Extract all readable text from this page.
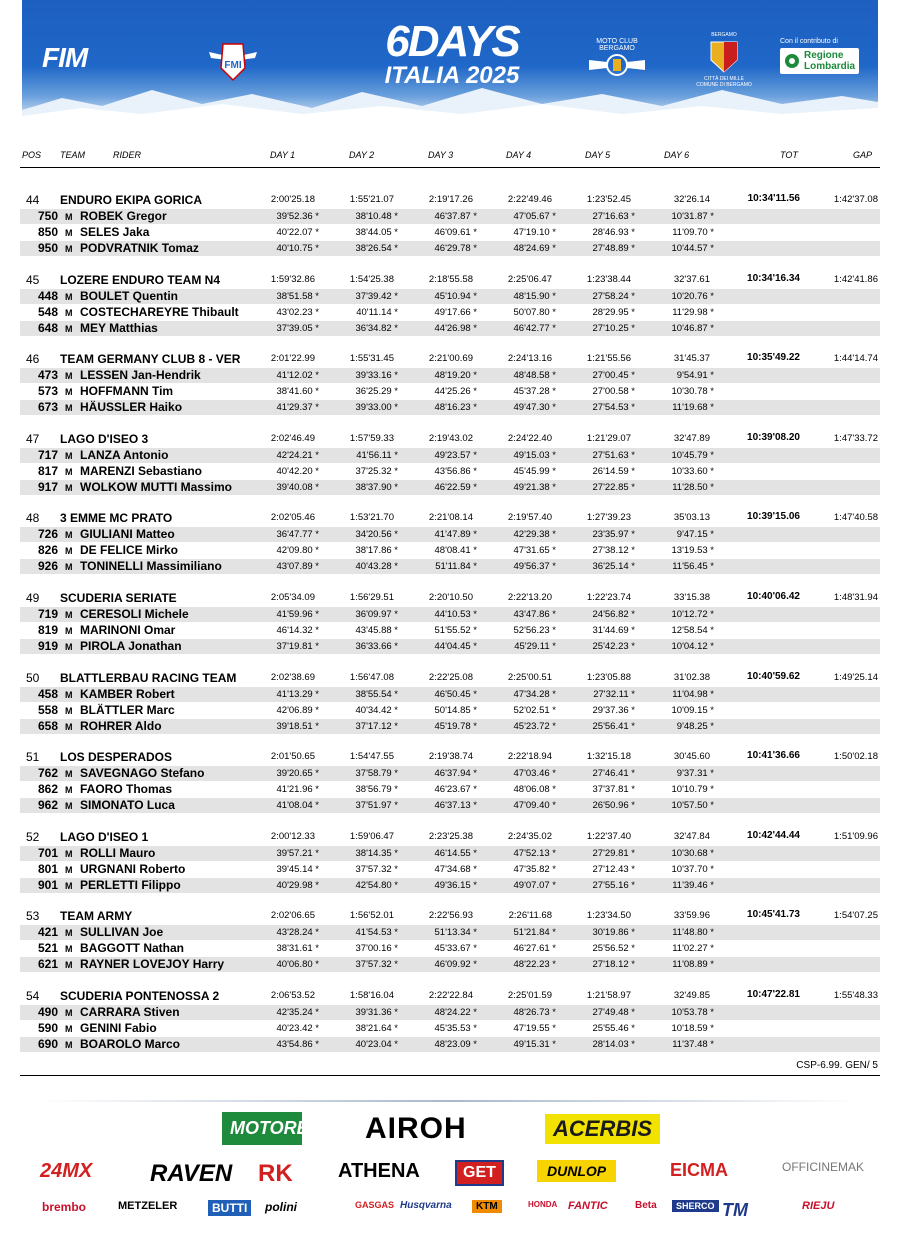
FIM	FMI	6DAYS
ITALIA 2025
MOTO CLUB BERGAMO
BERGAMO
CITTÀ DEI MILLE COMUNE DI BERGAMO
Con il contributo di
Regione
Lombardia
POS TEAM	RIDER	DAY 1	DAY 2	DAY 3	DAY 4	DAY 5	DAY 6	TOT	GAP
44 ENDURO EKIPA GORICA	2:00'25.18	1:55'21.07	2:19'17.26	2:22'49.46	1:23'52.45	32'26.14	10:34'11.56	1:42'37.08
750 M ROBEK Gregor	39'52.36 *	38'10.48 *	46'37.87 *	47'05.67 *	27'16.63 *	10'31.87 *
850 M SELES Jaka	40'22.07 *	38'44.05 *	46'09.61 *	47'19.10 *	28'46.93 *	11'09.70 *
950 M PODVRATNIK Tomaz	40'10.75 *	38'26.54 *	46'29.78 *	48'24.69 *	27'48.89 *	10'44.57 *
45 LOZERE ENDURO TEAM N4	1:59'32.86	1:54'25.38	2:18'55.58	2:25'06.47	1:23'38.44	32'37.61	10:34'16.34	1:42'41.86
448 M BOULET Quentin	38'51.58 *	37'39.42 *	45'10.94 *	48'15.90 *	27'58.24 *	10'20.76 *
548 M COSTECHAREYRE Thibault	43'02.23 *	40'11.14 *	49'17.66 *	50'07.80 *	28'29.95 *	11'29.98 *
648 M MEY Matthias	37'39.05 *	36'34.82 *	44'26.98 *	46'42.77 *	27'10.25 *	10'46.87 *
46 TEAM GERMANY CLUB 8 - VER	2:01'22.99	1:55'31.45	2:21'00.69	2:24'13.16	1:21'55.56	31'45.37	10:35'49.22	1:44'14.74
473 M LESSEN Jan-Hendrik	41'12.02 *	39'33.16 *	48'19.20 *	48'48.58 *	27'00.45 *	9'54.91 *
573 M HOFFMANN Tim	38'41.60 *	36'25.29 *	44'25.26 *	45'37.28 *	27'00.58 *	10'30.78 *
673 M HÄUSSLER Haiko	41'29.37 *	39'33.00 *	48'16.23 *	49'47.30 *	27'54.53 *	11'19.68 *
47 LAGO D'ISEO 3	2:02'46.49	1:57'59.33	2:19'43.02	2:24'22.40	1:21'29.07	32'47.89	10:39'08.20	1:47'33.72
717 M LANZA Antonio	42'24.21 *	41'56.11 *	49'23.57 *	49'15.03 *	27'51.63 *	10'45.79 *
817 M MARENZI Sebastiano	40'42.20 *	37'25.32 *	43'56.86 *	45'45.99 *	26'14.59 *	10'33.60 *
917 M WOLKOW MUTTI Massimo	39'40.08 *	38'37.90 *	46'22.59 *	49'21.38 *	27'22.85 *	11'28.50 *
48 3 EMME MC PRATO	2:02'05.46	1:53'21.70	2:21'08.14	2:19'57.40	1:27'39.23	35'03.13	10:39'15.06	1:47'40.58
726 M GIULIANI Matteo	36'47.77 *	34'20.56 *	41'47.89 *	42'29.38 *	23'35.97 *	9'47.15 *
826 M DE FELICE Mirko	42'09.80 *	38'17.86 *	48'08.41 *	47'31.65 *	27'38.12 *	13'19.53 *
926 M TONINELLI Massimiliano	43'07.89 *	40'43.28 *	51'11.84 *	49'56.37 *	36'25.14 *	11'56.45 *
49 SCUDERIA SERIATE	2:05'34.09	1:56'29.51	2:20'10.50	2:22'13.20	1:22'23.74	33'15.38	10:40'06.42	1:48'31.94
719 M CERESOLI Michele	41'59.96 *	36'09.97 *	44'10.53 *	43'47.86 *	24'56.82 *	10'12.72 *
819 M MARINONI Omar	46'14.32 *	43'45.88 *	51'55.52 *	52'56.23 *	31'44.69 *	12'58.54 *
919 M PIROLA Jonathan	37'19.81 *	36'33.66 *	44'04.45 *	45'29.11 *	25'42.23 *	10'04.12 *
50 BLATTLERBAU RACING TEAM	2:02'38.69	1:56'47.08	2:22'25.08	2:25'00.51	1:23'05.88	31'02.38	10:40'59.62	1:49'25.14
458 M KAMBER Robert	41'13.29 *	38'55.54 *	46'50.45 *	47'34.28 *	27'32.11 *	11'04.98 *
558 M BLÄTTLER Marc	42'06.89 *	40'34.42 *	50'14.85 *	52'02.51 *	29'37.36 *	10'09.15 *
658 M ROHRER Aldo	39'18.51 *	37'17.12 *	45'19.78 *	45'23.72 *	25'56.41 *	9'48.25 *
51 LOS DESPERADOS	2:01'50.65	1:54'47.55	2:19'38.74	2:22'18.94	1:32'15.18	30'45.60	10:41'36.66	1:50'02.18
762 M SAVEGNAGO Stefano	39'20.65 *	37'58.79 *	46'37.94 *	47'03.46 *	27'46.41 *	9'37.31 *
862 M FAORO Thomas	41'21.96 *	38'56.79 *	46'23.67 *	48'06.08 *	37'37.81 *	10'10.79 *
962 M SIMONATO Luca	41'08.04 *	37'51.97 *	46'37.13 *	47'09.40 *	26'50.96 *	10'57.50 *
52 LAGO D'ISEO 1	2:00'12.33	1:59'06.47	2:23'25.38	2:24'35.02	1:22'37.40	32'47.84	10:42'44.44	1:51'09.96
701 M ROLLI Mauro	39'57.21 *	38'14.35 *	46'14.55 *	47'52.13 *	27'29.81 *	10'30.68 *
801 M URGNANI Roberto	39'45.14 *	37'57.32 *	47'34.68 *	47'35.82 *	27'12.43 *	10'37.70 *
901 M PERLETTI Filippo	40'29.98 *	42'54.80 *	49'36.15 *	49'07.07 *	27'55.16 *	11'39.46 *
53 TEAM ARMY	2:02'06.65	1:56'52.01	2:22'56.93	2:26'11.68	1:23'34.50	33'59.96	10:45'41.73	1:54'07.25
421 M SULLIVAN Joe	43'28.24 *	41'54.53 *	51'13.34 *	51'21.84 *	30'19.86 *	11'48.80 *
521 M BAGGOTT Nathan	38'31.61 *	37'00.16 *	45'33.67 *	46'27.61 *	25'56.52 *	11'02.27 *
621 M RAYNER LOVEJOY Harry	40'06.80 *	37'57.32 *	46'09.92 *	48'22.23 *	27'18.12 *	11'08.89 *
54 SCUDERIA PONTENOSSA 2	2:06'53.52	1:58'16.04	2:22'22.84	2:25'01.59	1:21'58.97	32'49.85	10:47'22.81	1:55'48.33
490 M CARRARA Stiven	42'35.24 *	39'31.36 *	48'24.22 *	48'26.73 *	27'49.48 *	10'53.78 *
590 M GENINI Fabio	40'23.42 *	38'21.64 *	45'35.53 *	47'19.55 *	25'55.46 *	10'18.59 *
690 M BOAROLO Marco	43'54.86 *	40'23.04 *	48'23.09 *	49'15.31 *	28'14.03 *	11'37.48 *
CSP-6.99. GEN/ 5
MOTOREX AIROH	ACERBIS
24MX RAVEN RK ATHENA	GET	DUNLOP	EICMA	OFFICINEMAK
brembo	METZELER	BUTTI	polini	GASGAS Husqvarna	KTM	HONDA FANTIC	Beta	SHERCO TM	RIEJU
